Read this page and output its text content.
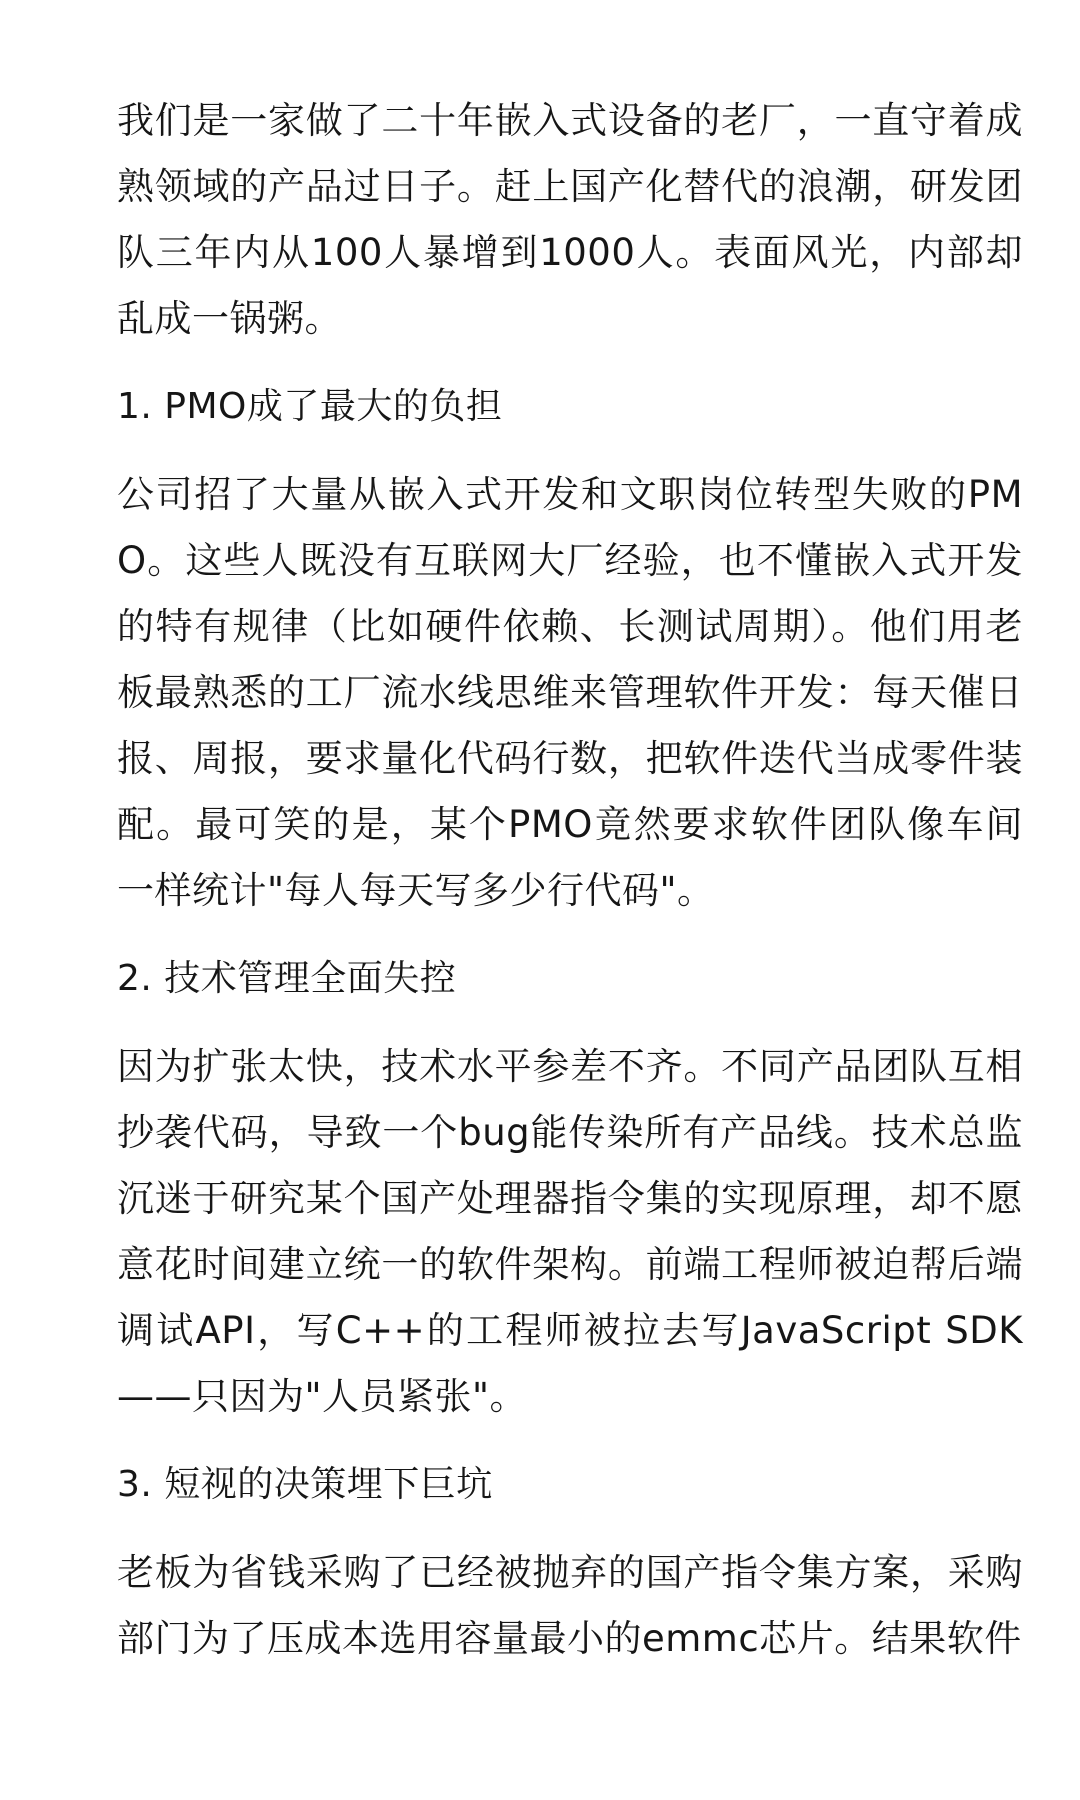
我们是一家做了二十年嵌入式设备的老厂，一直守着成熟领域的产品过日子。赶上国产化替代的浪潮，研发团队三年内从100人暴增到1000人。表面风光，内部却乱成一锅粥。

1. PMO成了最大的负担

公司招了大量从嵌入式开发和文职岗位转型失败的PMO。这些人既没有互联网大厂经验，也不懂嵌入式开发的特有规律（比如硬件依赖、长测试周期）。他们用老板最熟悉的工厂流水线思维来管理软件开发：每天催日报、周报，要求量化代码行数，把软件迭代当成零件装配。最可笑的是，某个PMO竟然要求软件团队像车间一样统计"每人每天写多少行代码"。

2. 技术管理全面失控

因为扩张太快，技术水平参差不齐。不同产品团队互相抄袭代码，导致一个bug能传染所有产品线。技术总监沉迷于研究某个国产处理器指令集的实现原理，却不愿意花时间建立统一的软件架构。前端工程师被迫帮后端调试API，写C++的工程师被拉去写JavaScript SDK——只因为"人员紧张"。

3. 短视的决策埋下巨坑

老板为省钱采购了已经被抛弃的国产指令集方案，采购部门为了压成本选用容量最小的emmc芯片。结果软件
